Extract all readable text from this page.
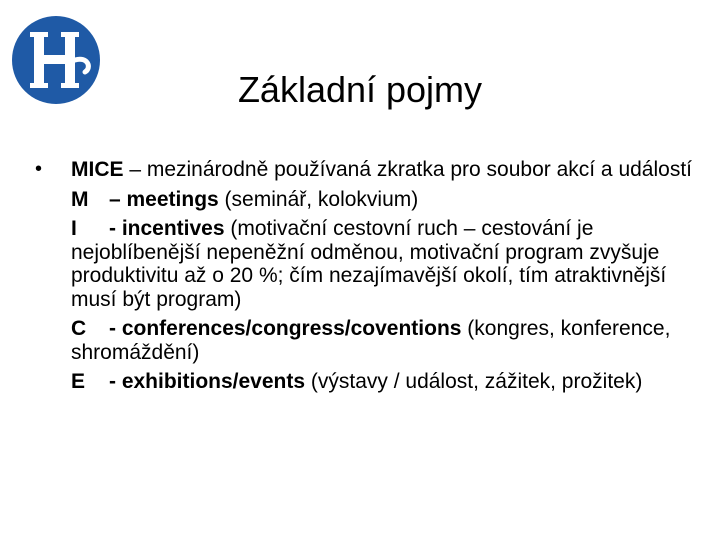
Základní pojmy

• MICE – mezinárodně používaná zkratka pro soubor akcí a událostí

M – meetings (seminář, kolokvium)

I - incentives (motivační cestovní ruch – cestování je nejoblíbenější nepeněžní odměnou, motivační program zvyšuje produktivitu až o 20 %; čím nezajímavější okolí, tím atraktivnější musí být program)

C - conferences/congress/coventions (kongres, konference, shromáždění)

E - exhibitions/events (výstavy / událost, zážitek, prožitek)
